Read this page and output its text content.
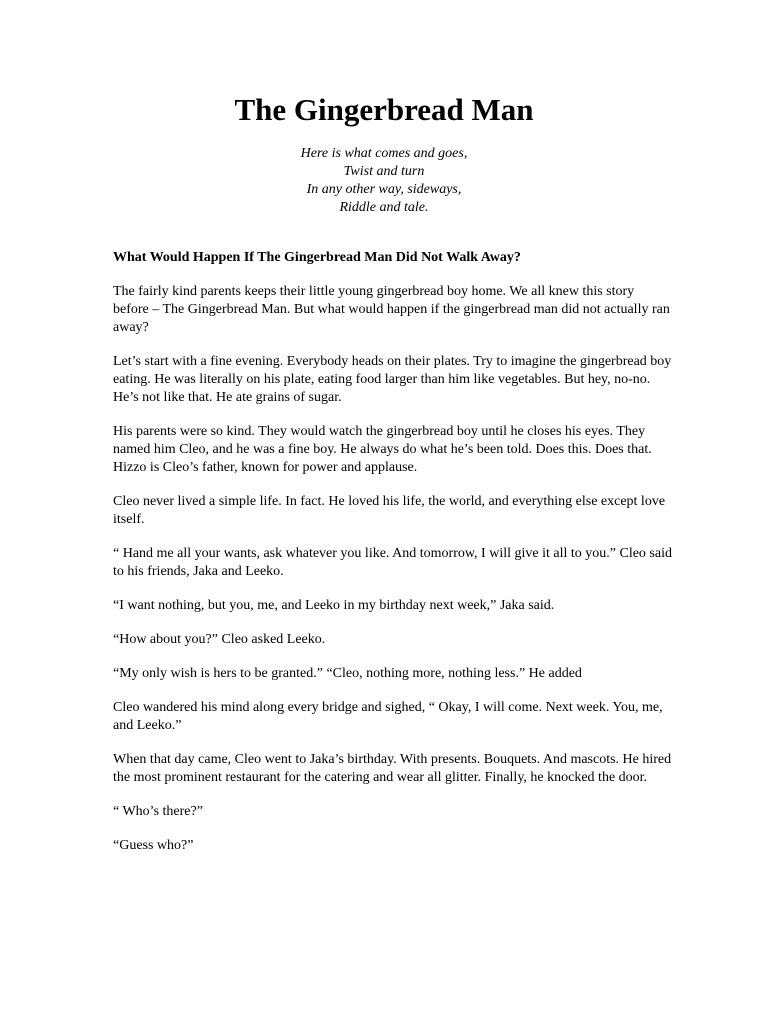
The Gingerbread Man
Here is what comes and goes,
Twist and turn
In any other way, sideways,
Riddle and tale.

What Would Happen If The Gingerbread Man Did Not Walk Away?

The fairly kind parents keeps their little young gingerbread boy home. We all knew this story before – The Gingerbread Man. But what would happen if the gingerbread man did not actually ran away?

Let’s start with a fine evening. Everybody heads on their plates. Try to imagine the gingerbread boy eating. He was literally on his plate, eating food larger than him like vegetables. But hey, no-no. He’s not like that. He ate grains of sugar.

His parents were so kind. They would watch the gingerbread boy until he closes his eyes. They named him Cleo, and he was a fine boy. He always do what he’s been told. Does this. Does that. Hizzo is Cleo’s father, known for power and applause.

Cleo never lived a simple life. In fact. He loved his life, the world, and everything else except love itself.

“ Hand me all your wants, ask whatever you like. And tomorrow, I will give it all to you.” Cleo said to his friends, Jaka and Leeko.

“I want nothing, but you, me, and Leeko in my birthday next week,” Jaka said.

“How about you?” Cleo asked Leeko.

“My only wish is hers to be granted.” “Cleo, nothing more, nothing less.” He added

Cleo wandered his mind along every bridge and sighed, “ Okay, I will come. Next week. You, me, and Leeko.”

When that day came, Cleo went to Jaka’s birthday. With presents. Bouquets. And mascots. He hired the most prominent restaurant for the catering and wear all glitter. Finally, he knocked the door.

“ Who’s there?”

“Guess who?”
